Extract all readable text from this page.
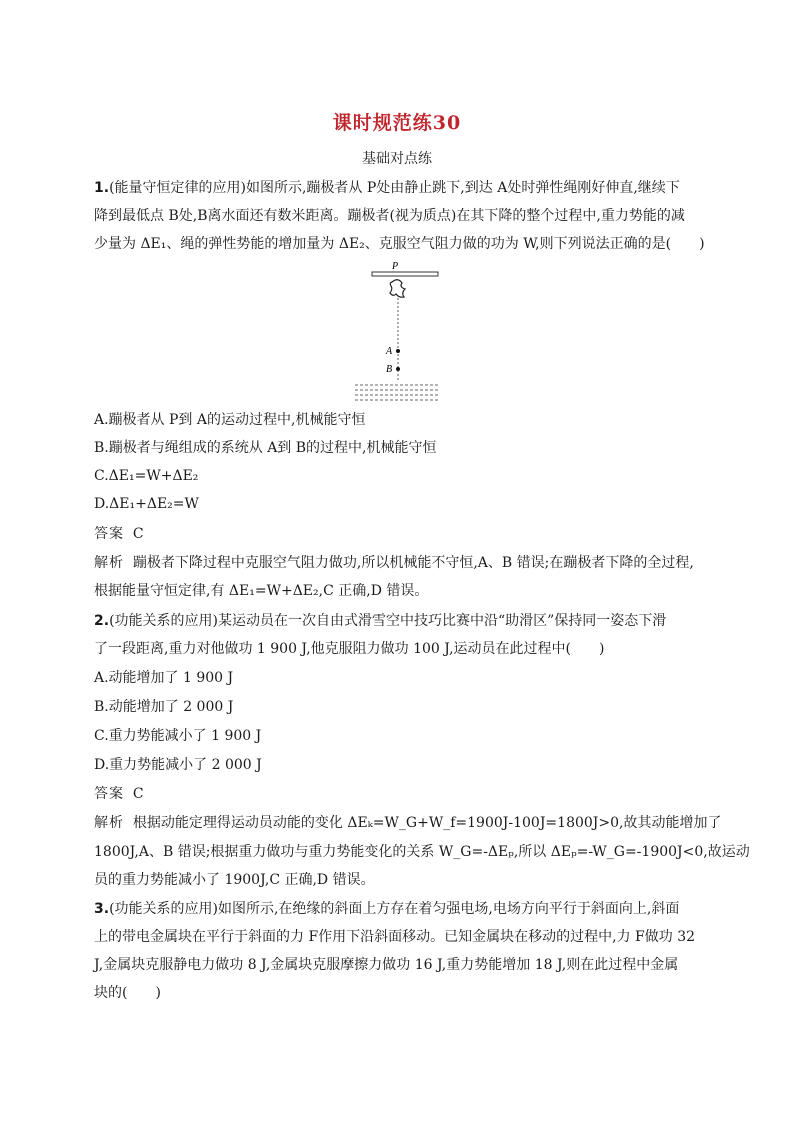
课时规范练30
基础对点练
1.(能量守恒定律的应用)如图所示,蹦极者从 P处由静止跳下,到达 A处时弹性绳刚好伸直,继续下
降到最低点 B处,B离水面还有数米距离。蹦极者(视为质点)在其下降的整个过程中,重力势能的减
少量为 ΔE₁、绳的弹性势能的增加量为 ΔE₂、克服空气阻力做的功为 W,则下列说法正确的是(　　)
P
A
B
A.蹦极者从 P到 A的运动过程中,机械能守恒
B.蹦极者与绳组成的系统从 A到 B的过程中,机械能守恒
C.ΔE₁=W+ΔE₂
D.ΔE₁+ΔE₂=W
答案 C
解析 蹦极者下降过程中克服空气阻力做功,所以机械能不守恒,A、B 错误;在蹦极者下降的全过程,
根据能量守恒定律,有 ΔE₁=W+ΔE₂,C 正确,D 错误。
2.(功能关系的应用)某运动员在一次自由式滑雪空中技巧比赛中沿“助滑区”保持同一姿态下滑
了一段距离,重力对他做功 1 900 J,他克服阻力做功 100 J,运动员在此过程中(　　)
A.动能增加了 1 900 J
B.动能增加了 2 000 J
C.重力势能减小了 1 900 J
D.重力势能减小了 2 000 J
答案 C
解析 根据动能定理得运动员动能的变化 ΔEₖ=W_G+W_f=1900J-100J=1800J>0,故其动能增加了
1800J,A、B 错误;根据重力做功与重力势能变化的关系 W_G=-ΔEₚ,所以 ΔEₚ=-W_G=-1900J<0,故运动
员的重力势能减小了 1900J,C 正确,D 错误。
3.(功能关系的应用)如图所示,在绝缘的斜面上方存在着匀强电场,电场方向平行于斜面向上,斜面
上的带电金属块在平行于斜面的力 F作用下沿斜面移动。已知金属块在移动的过程中,力 F做功 32
J,金属块克服静电力做功 8 J,金属块克服摩擦力做功 16 J,重力势能增加 18 J,则在此过程中金属
块的(　　)
